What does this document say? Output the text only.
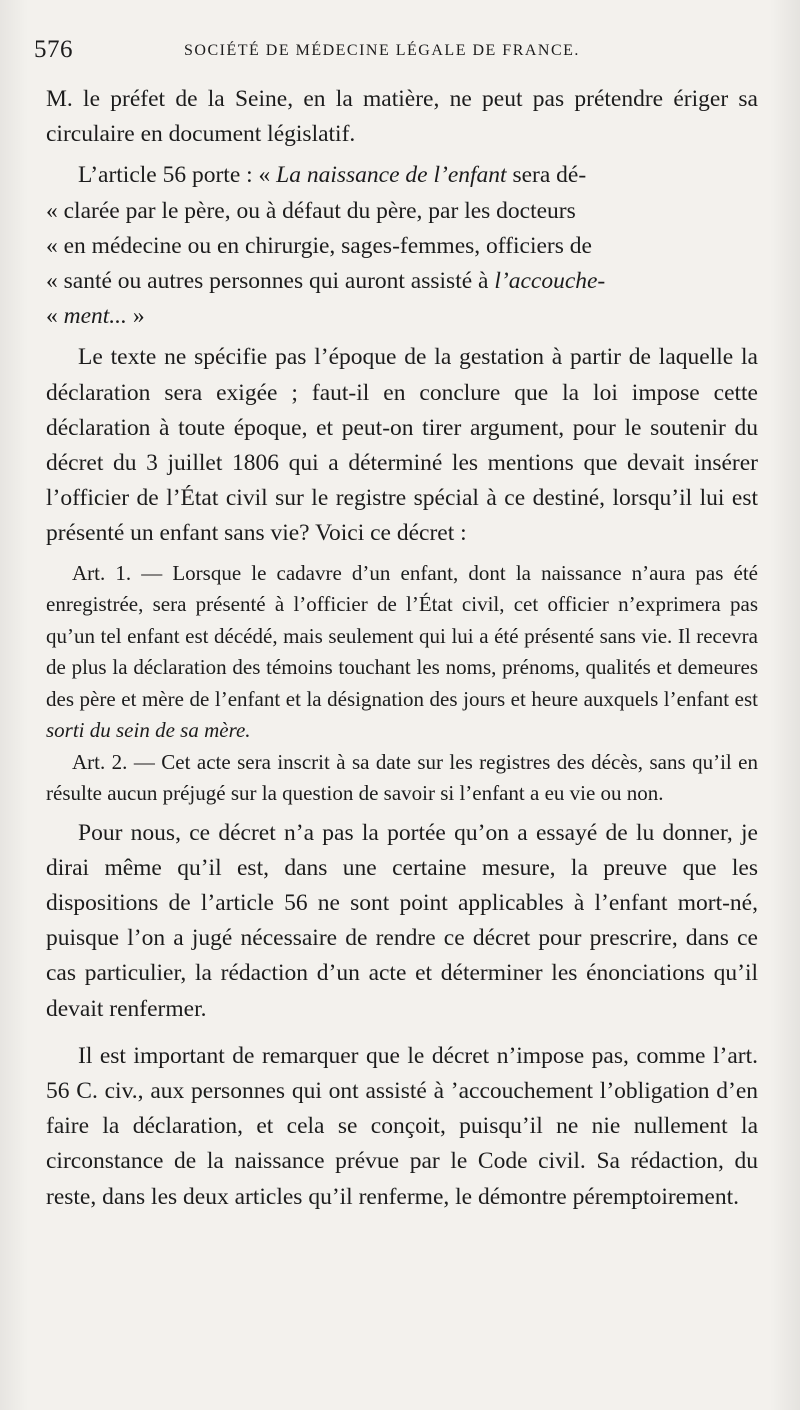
576	SOCIÉTÉ DE MÉDECINE LÉGALE DE FRANCE.

M. le préfet de la Seine, en la matière, ne peut pas prétendre ériger sa circulaire en document législatif.

L’article 56 porte : « La naissance de l’enfant sera dé-

« clarée par le père, ou à défaut du père, par les docteurs

« en médecine ou en chirurgie, sages-femmes, officiers de

« santé ou autres personnes qui auront assisté à l’accouche-

« ment... »

Le texte ne spécifie pas l’époque de la gestation à partir de laquelle la déclaration sera exigée ; faut-il en conclure que la loi impose cette déclaration à toute époque, et peut-on tirer argument, pour le soutenir du décret du 3 juillet 1806 qui a déterminé les mentions que devait insérer l’officier de l’État civil sur le registre spécial à ce destiné, lorsqu’il lui est présenté un enfant sans vie? Voici ce décret :

Art. 1. — Lorsque le cadavre d’un enfant, dont la naissance n’aura pas été enregistrée, sera présenté à l’officier de l’État civil, cet officier n’exprimera pas qu’un tel enfant est décédé, mais seulement qui lui a été présenté sans vie. Il recevra de plus la déclaration des témoins touchant les noms, prénoms, qualités et demeures des père et mère de l’enfant et la désignation des jours et heure auxquels l’enfant est sorti du sein de sa mère.

Art. 2. — Cet acte sera inscrit à sa date sur les registres des décès, sans qu’il en résulte aucun préjugé sur la question de savoir si l’enfant a eu vie ou non.

Pour nous, ce décret n’a pas la portée qu’on a essayé de lu donner, je dirai même qu’il est, dans une certaine mesure, la preuve que les dispositions de l’article 56 ne sont point applicables à l’enfant mort-né, puisque l’on a jugé nécessaire de rendre ce décret pour prescrire, dans ce cas particulier, la rédaction d’un acte et déterminer les énonciations qu’il devait renfermer.

Il est important de remarquer que le décret n’impose pas, comme l’art. 56 C. civ., aux personnes qui ont assisté à ’accouchement l’obligation d’en faire la déclaration, et cela se conçoit, puisqu’il ne nie nullement la circonstance de la naissance prévue par le Code civil. Sa rédaction, du reste, dans les deux articles qu’il renferme, le démontre péremptoirement.
